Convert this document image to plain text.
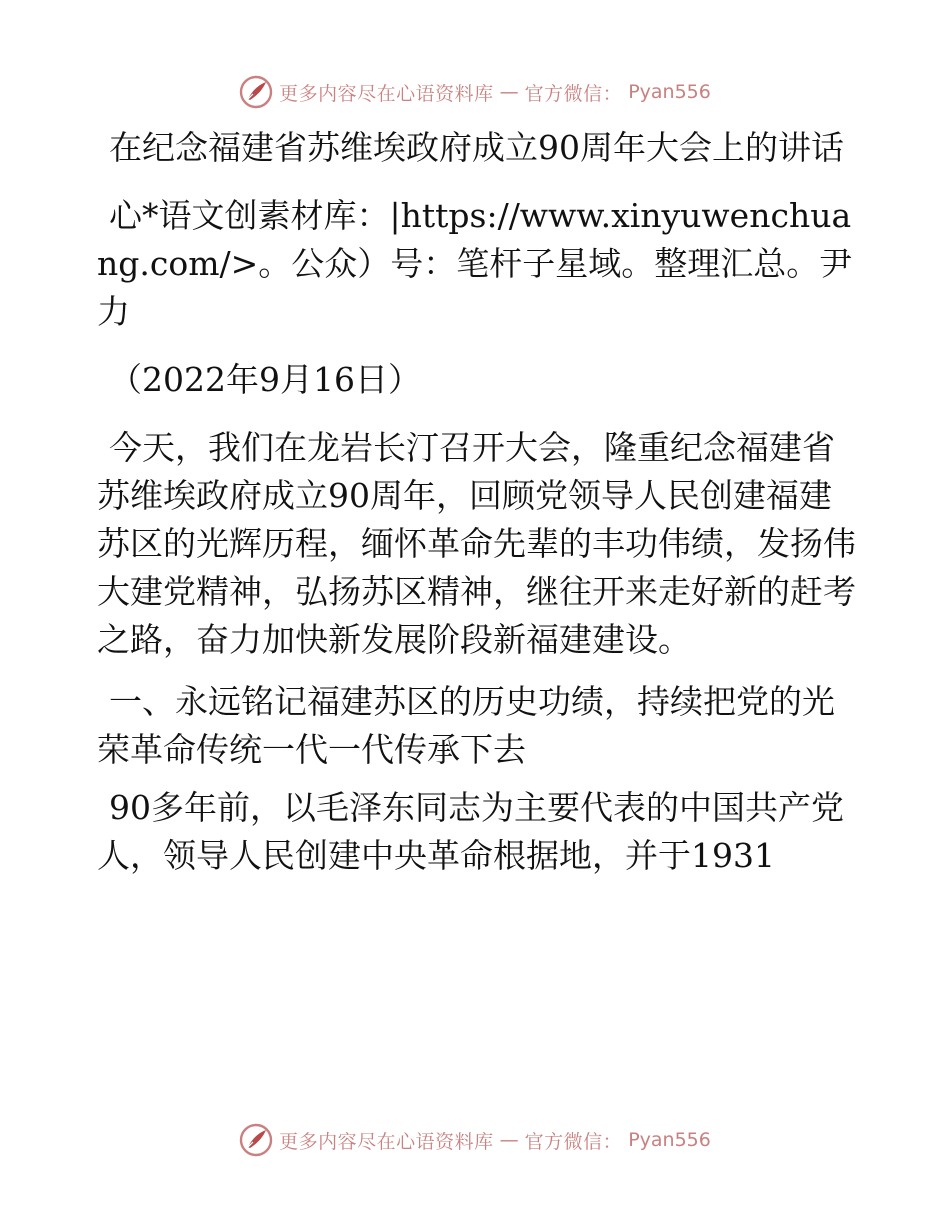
更多内容尽在心语资料库 — 官方微信： Pyan556

在纪念福建省苏维埃政府成立90周年大会上的讲话

心*语文创素材库：|https://www.xinyuwenchuang.com/>。公众）号：笔杆子星域。整理汇总。尹 力

（2022年9月16日）

今天，我们在龙岩长汀召开大会，隆重纪念福建省苏维埃政府成立90周年，回顾党领导人民创建福建苏区的光辉历程，缅怀革命先辈的丰功伟绩，发扬伟大建党精神，弘扬苏区精神，继往开来走好新的赶考之路，奋力加快新发展阶段新福建建设。

一、永远铭记福建苏区的历史功绩，持续把党的光荣革命传统一代一代传承下去

90多年前，以毛泽东同志为主要代表的中国共产党人，领导人民创建中央革命根据地，并于1931

更多内容尽在心语资料库 — 官方微信： Pyan556
